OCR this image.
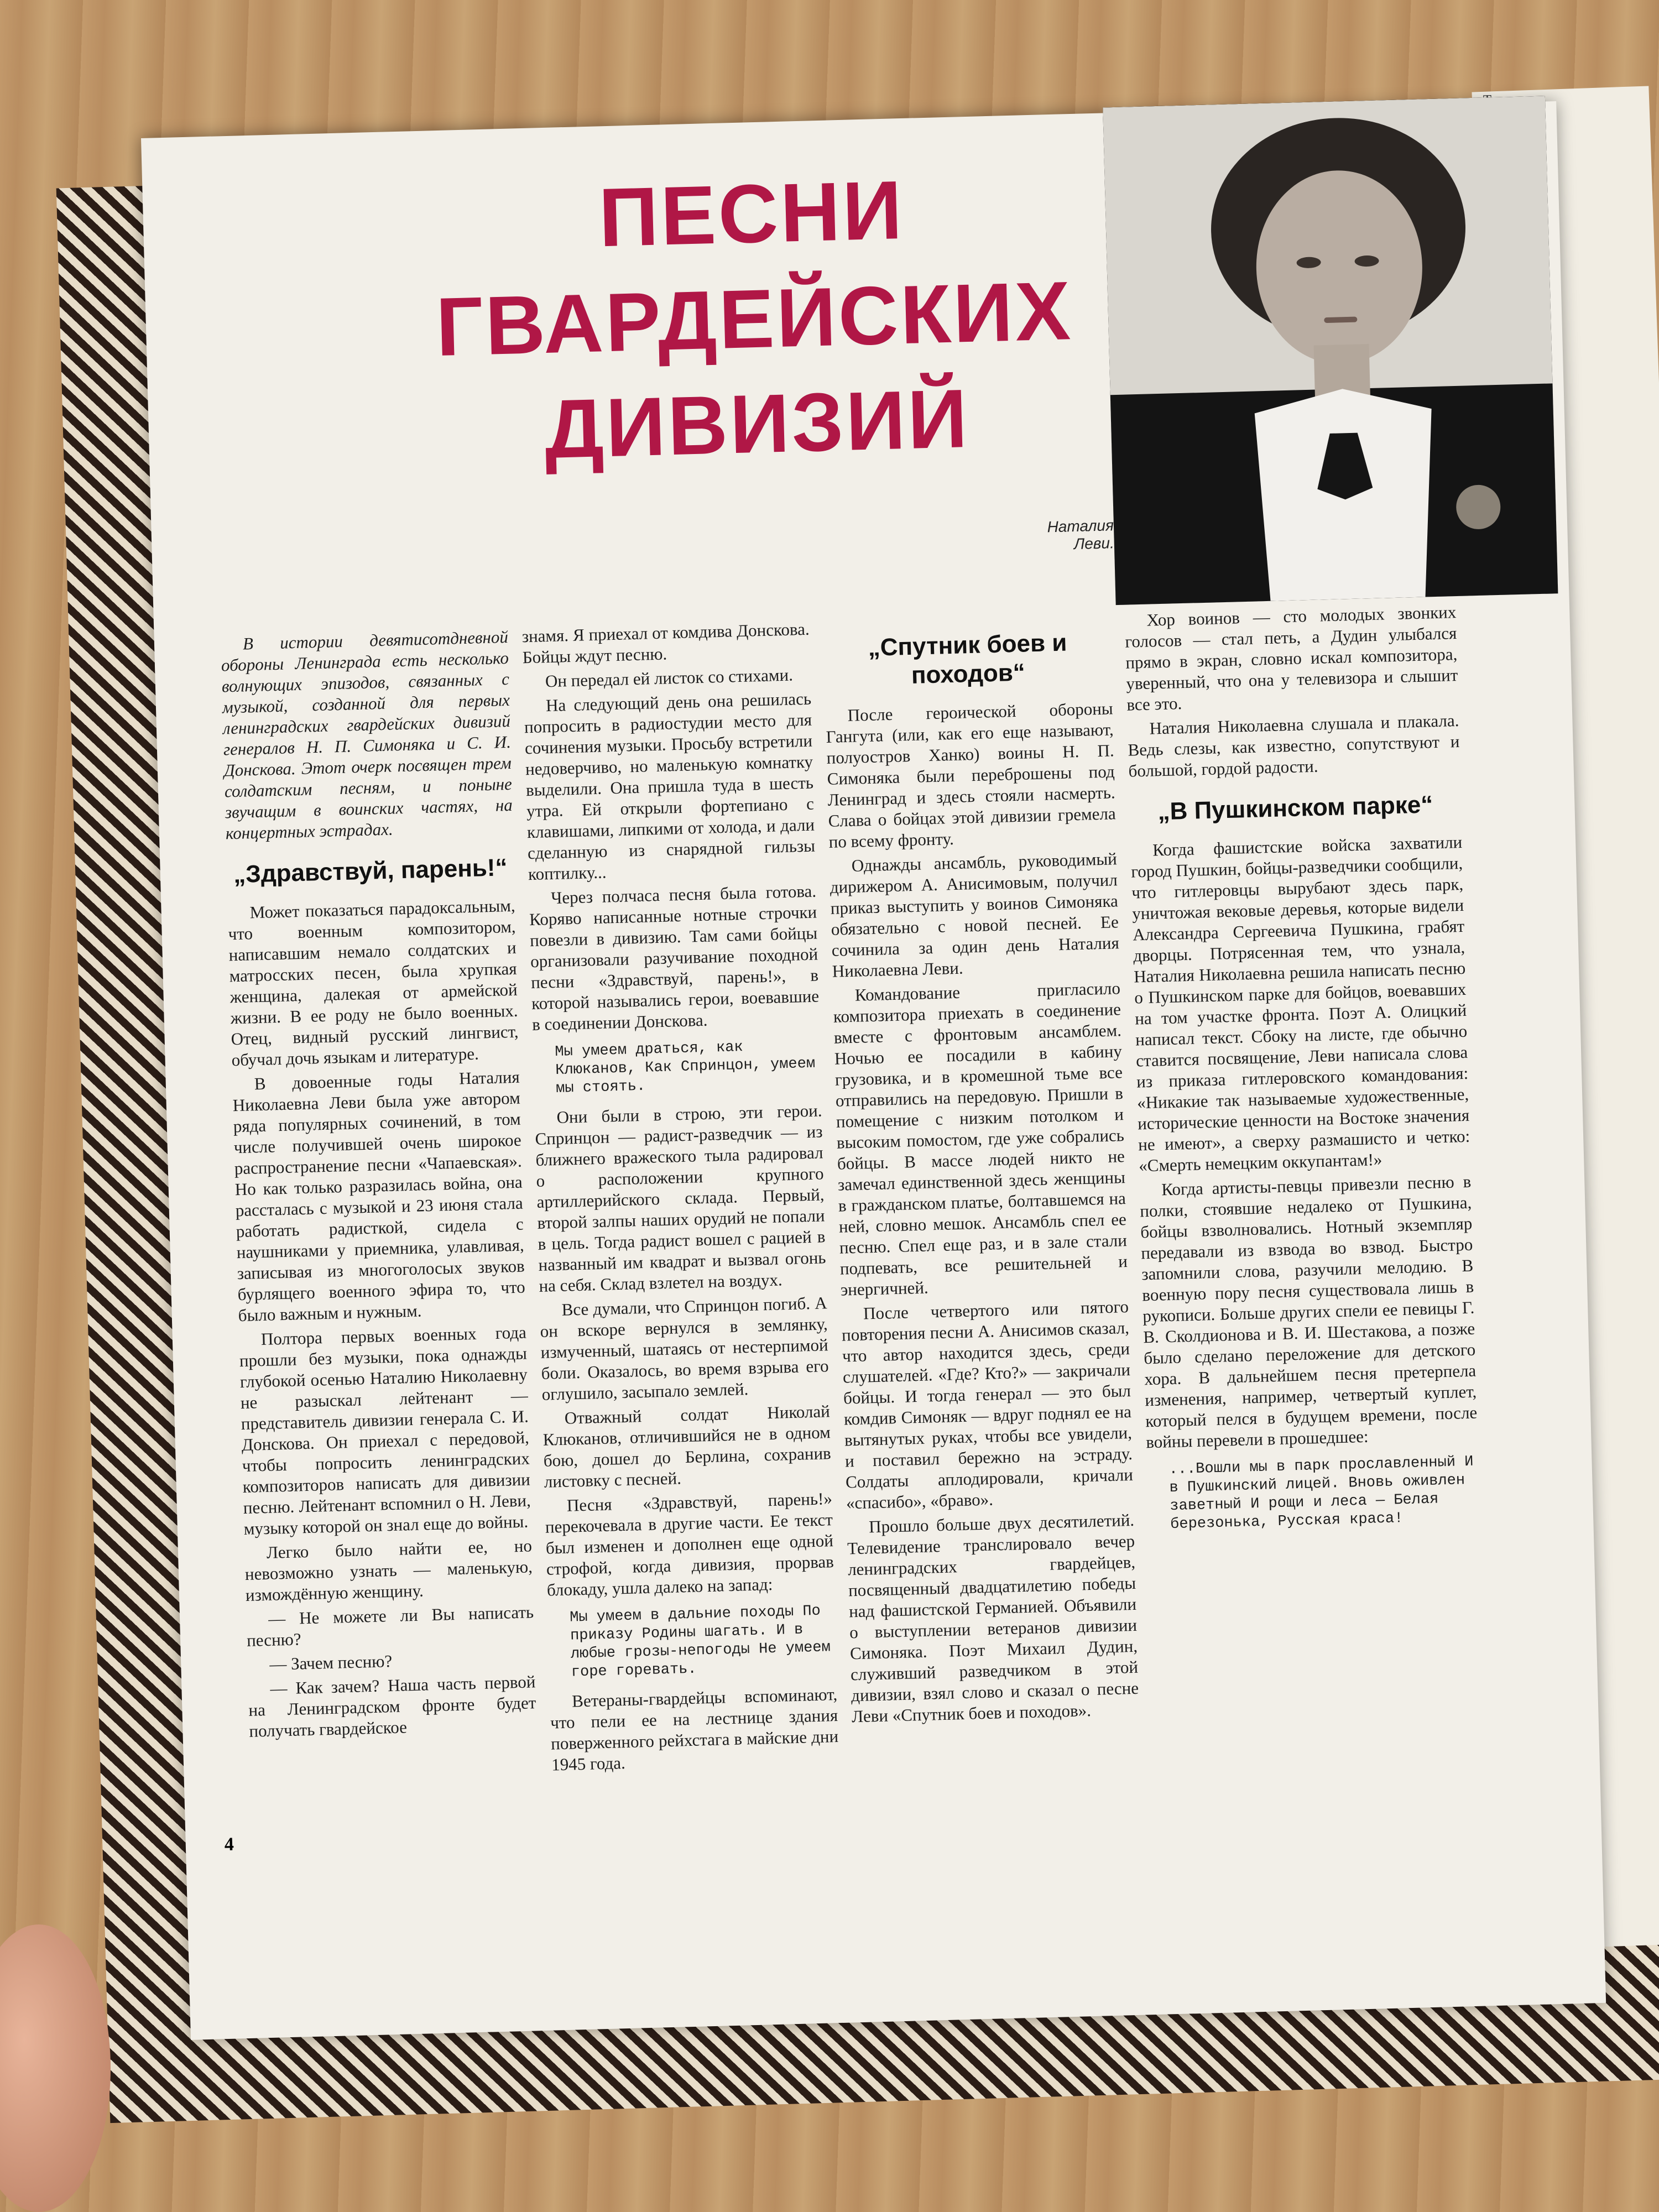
ПЕСНИ ГВАРДЕЙСКИХ ДИВИЗИЙ
Наталия Леви.

В истории девятисотдневной обороны Ленинграда есть несколько волнующих эпизодов, связанных с музыкой, созданной для первых ленинградских гвардейских дивизий генералов Н. П. Симоняка и С. И. Донскова. Этот очерк посвящен трем солдатским песням, и поныне звучащим в воинских частях, на концертных эстрадах.

„Здравствуй, парень!“

Может показаться парадоксальным, что военным композитором, написавшим немало солдатских и матросских песен, была хрупкая женщина, далекая от армейской жизни. В ее роду не было военных. Отец, видный русский лингвист, обучал дочь языкам и литературе.

В довоенные годы Наталия Николаевна Леви была уже автором ряда популярных сочинений, в том числе получившей очень широкое распространение песни «Чапаевская». Но как только разразилась война, она рассталась с музыкой и 23 июня стала работать радисткой, сидела с наушниками у приемника, улавливая, записывая из многоголосых звуков бурлящего военного эфира то, что было важным и нужным.

Полтора первых военных года прошли без музыки, пока однажды глубокой осенью Наталию Николаевну не разыскал лейтенант — представитель дивизии генерала С. И. Донскова. Он приехал с передовой, чтобы попросить ленинградских композиторов написать для дивизии песню. Лейтенант вспомнил о Н. Леви, музыку которой он знал еще до войны.

Легко было найти ее, но невозможно узнать — маленькую, измождённую женщину.

— Не можете ли Вы написать песню?

— Зачем песню?

— Как зачем? Наша часть первой на Ленинградском фронте будет получать гвардейское

знамя. Я приехал от комдива Донскова. Бойцы ждут песню.

Он передал ей листок со стихами.

На следующий день она решилась попросить в радиостудии место для сочинения музыки. Просьбу встретили недоверчиво, но маленькую комнатку выделили. Она пришла туда в шесть утра. Ей открыли фортепиано с клавишами, липкими от холода, и дали сделанную из снарядной гильзы коптилку...

Через полчаса песня была готова. Коряво написанные нотные строчки повезли в дивизию. Там сами бойцы организовали разучивание походной песни «Здравствуй, парень!», в которой назывались герои, воевавшие в соединении Донскова.

Мы умеем драться, как Клюканов, Как Спринцон, умеем мы стоять.

Они были в строю, эти герои. Спринцон — радист-разведчик — из ближнего вражеского тыла радировал о расположении крупного артиллерийского склада. Первый, второй залпы наших орудий не попали в цель. Тогда радист вошел с рацией в названный им квадрат и вызвал огонь на себя. Склад взлетел на воздух.

Все думали, что Спринцон погиб. А он вскоре вернулся в землянку, измученный, шатаясь от нестерпимой боли. Оказалось, во время взрыва его оглушило, засыпало землей.

Отважный солдат Николай Клюканов, отличившийся не в одном бою, дошел до Берлина, сохранив листовку с песней.

Песня «Здравствуй, парень!» перекочевала в другие части. Ее текст был изменен и дополнен еще одной строфой, когда дивизия, прорвав блокаду, ушла далеко на запад:

Мы умеем в дальние походы По приказу Родины шагать. И в любые грозы-непогоды Не умеем горе горевать.

Ветераны-гвардейцы вспоминают, что пели ее на лестнице здания поверженного рейхстага в майские дни 1945 года.

„Спутник боев и походов“

После героической обороны Гангута (или, как его еще называют, полуостров Ханко) воины Н. П. Симоняка были переброшены под Ленинград и здесь стояли насмерть. Слава о бойцах этой дивизии гремела по всему фронту.

Однажды ансамбль, руководимый дирижером А. Анисимовым, получил приказ выступить у воинов Симоняка обязательно с новой песней. Ее сочинила за один день Наталия Николаевна Леви.

Командование пригласило композитора приехать в соединение вместе с фронтовым ансамблем. Ночью ее посадили в кабину грузовика, и в кромешной тьме все отправились на передовую. Пришли в помещение с низким потолком и высоким помостом, где уже собрались бойцы. В массе людей никто не замечал единственной здесь женщины в гражданском платье, болтавшемся на ней, словно мешок. Ансамбль спел ее песню. Спел еще раз, и в зале стали подпевать, все решительней и энергичней.

После четвертого или пятого повторения песни А. Анисимов сказал, что автор находится здесь, среди слушателей. «Где? Кто?» — закричали бойцы. И тогда генерал — это был комдив Симоняк — вдруг поднял ее на вытянутых руках, чтобы все увидели, и поставил бережно на эстраду. Солдаты аплодировали, кричали «спасибо», «браво».

Прошло больше двух десятилетий. Телевидение транслировало вечер ленинградских гвардейцев, посвященный двадцатилетию победы над фашистской Германией. Объявили о выступлении ветеранов дивизии Симоняка. Поэт Михаил Дудин, служивший разведчиком в этой дивизии, взял слово и сказал о песне Леви «Спутник боев и походов».

Хор воинов — сто молодых звонких голосов — стал петь, а Дудин улыбался прямо в экран, словно искал композитора, уверенный, что она у телевизора и слышит все это.

Наталия Николаевна слушала и плакала. Ведь слезы, как известно, сопутствуют и большой, гордой радости.

„В Пушкинском парке“

Когда фашистские войска захватили город Пушкин, бойцы-разведчики сообщили, что гитлеровцы вырубают здесь парк, уничтожая вековые деревья, которые видели Александра Сергеевича Пушкина, грабят дворцы. Потрясенная тем, что узнала, Наталия Николаевна решила написать песню о Пушкинском парке для бойцов, воевавших на том участке фронта. Поэт А. Олицкий написал текст. Сбоку на листе, где обычно ставится посвящение, Леви написала слова из приказа гитлеровского командования: «Никакие так называемые художественные, исторические ценности на Востоке значения не имеют», а сверху размашисто и четко: «Смерть немецким оккупантам!»

Когда артисты-певцы привезли песню в полки, стоявшие недалеко от Пушкина, бойцы взволновались. Нотный экземпляр передавали из взвода во взвод. Быстро запомнили слова, разучили мелодию. В военную пору песня существовала лишь в рукописи. Больше других спели ее певицы Г. В. Сколдионова и В. И. Шестакова, а позже было сделано переложение для детского хора. В дальнейшем песня претерпела изменения, например, четвертый куплет, который пелся в будущем времени, после войны перевели в прошедшее:

...Вошли мы в парк прославленный И в Пушкинский лицей. Вновь оживлен заветный И рощи и леса — Белая березонька, Русская краса!

4
